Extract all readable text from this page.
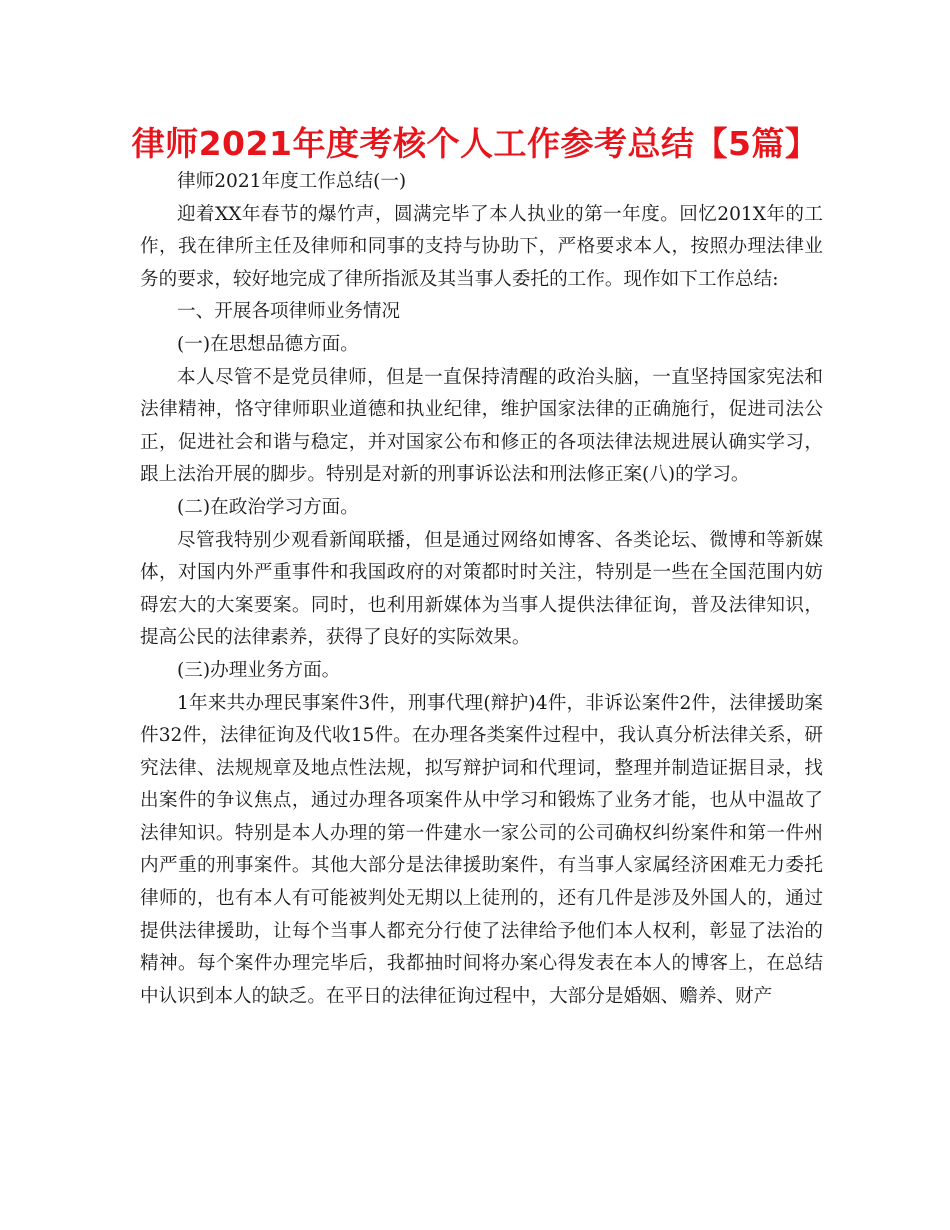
律师2021年度考核个人工作参考总结【5篇】

律师2021年度工作总结(一)

迎着XX年春节的爆竹声，圆满完毕了本人执业的第一年度。回忆201X年的工作，我在律所主任及律师和同事的支持与协助下，严格要求本人，按照办理法律业务的要求，较好地完成了律所指派及其当事人委托的工作。现作如下工作总结:

一、开展各项律师业务情况

(一)在思想品德方面。

本人尽管不是党员律师，但是一直保持清醒的政治头脑，一直坚持国家宪法和法律精神，恪守律师职业道德和执业纪律，维护国家法律的正确施行，促进司法公正，促进社会和谐与稳定，并对国家公布和修正的各项法律法规进展认确实学习，跟上法治开展的脚步。特别是对新的刑事诉讼法和刑法修正案(八)的学习。

(二)在政治学习方面。

尽管我特别少观看新闻联播，但是通过网络如博客、各类论坛、微博和等新媒体，对国内外严重事件和我国政府的对策都时时关注，特别是一些在全国范围内妨碍宏大的大案要案。同时，也利用新媒体为当事人提供法律征询，普及法律知识，提高公民的法律素养，获得了良好的实际效果。

(三)办理业务方面。

1年来共办理民事案件3件，刑事代理(辩护)4件，非诉讼案件2件，法律援助案件32件，法律征询及代收15件。在办理各类案件过程中，我认真分析法律关系，研究法律、法规规章及地点性法规，拟写辩护词和代理词，整理并制造证据目录，找出案件的争议焦点，通过办理各项案件从中学习和锻炼了业务才能，也从中温故了法律知识。特别是本人办理的第一件建水一家公司的公司确权纠纷案件和第一件州内严重的刑事案件。其他大部分是法律援助案件，有当事人家属经济困难无力委托律师的，也有本人有可能被判处无期以上徒刑的，还有几件是涉及外国人的，通过提供法律援助，让每个当事人都充分行使了法律给予他们本人权利，彰显了法治的精神。每个案件办理完毕后，我都抽时间将办案心得发表在本人的博客上，在总结中认识到本人的缺乏。在平日的法律征询过程中，大部分是婚姻、赡养、财产
